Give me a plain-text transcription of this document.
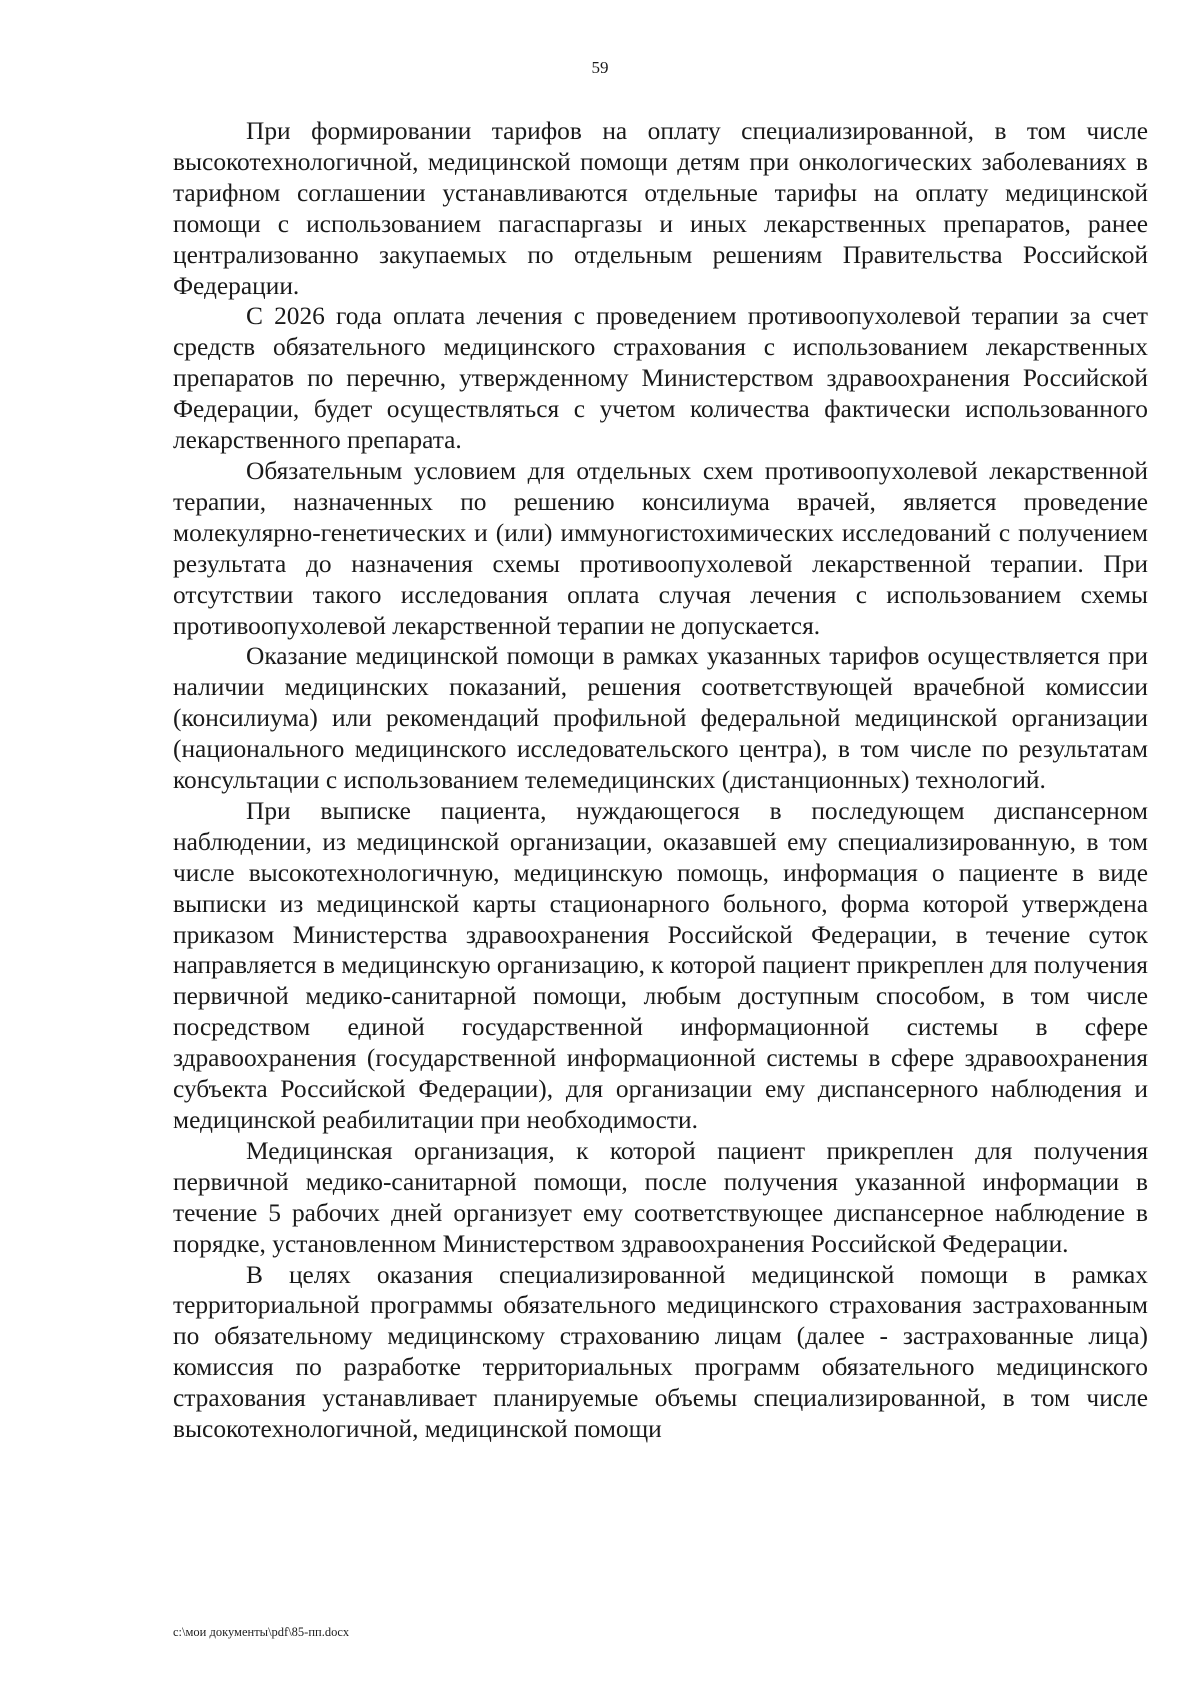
59

При формировании тарифов на оплату специализированной, в том числе высокотехнологичной, медицинской помощи детям при онкологических заболеваниях в тарифном соглашении устанавливаются отдельные тарифы на оплату медицинской помощи с использованием пагаспаргазы и иных лекарственных препаратов, ранее централизованно закупаемых по отдельным решениям Правительства Российской Федерации.

С 2026 года оплата лечения с проведением противоопухолевой терапии за счет средств обязательного медицинского страхования с использованием лекарственных препаратов по перечню, утвержденному Министерством здравоохранения Российской Федерации, будет осуществляться с учетом количества фактически использованного лекарственного препарата.

Обязательным условием для отдельных схем противоопухолевой лекарственной терапии, назначенных по решению консилиума врачей, является проведение молекулярно-генетических и (или) иммуногистохимических исследований с получением результата до назначения схемы противоопухолевой лекарственной терапии. При отсутствии такого исследования оплата случая лечения с использованием схемы противоопухолевой лекарственной терапии не допускается.

Оказание медицинской помощи в рамках указанных тарифов осуществляется при наличии медицинских показаний, решения соответствующей врачебной комиссии (консилиума) или рекомендаций профильной федеральной медицинской организации (национального медицинского исследовательского центра), в том числе по результатам консультации с использованием телемедицинских (дистанционных) технологий.

При выписке пациента, нуждающегося в последующем диспансерном наблюдении, из медицинской организации, оказавшей ему специализированную, в том числе высокотехнологичную, медицинскую помощь, информация о пациенте в виде выписки из медицинской карты стационарного больного, форма которой утверждена приказом Министерства здравоохранения Российской Федерации, в течение суток направляется в медицинскую организацию, к которой пациент прикреплен для получения первичной медико-санитарной помощи, любым доступным способом, в том числе посредством единой государственной информационной системы в сфере здравоохранения (государственной информационной системы в сфере здравоохранения субъекта Российской Федерации), для организации ему диспансерного наблюдения и медицинской реабилитации при необходимости.

Медицинская организация, к которой пациент прикреплен для получения первичной медико-санитарной помощи, после получения указанной информации в течение 5 рабочих дней организует ему соответствующее диспансерное наблюдение в порядке, установленном Министерством здравоохранения Российской Федерации.

В целях оказания специализированной медицинской помощи в рамках территориальной программы обязательного медицинского страхования застрахованным по обязательному медицинскому страхованию лицам (далее - застрахованные лица) комиссия по разработке территориальных программ обязательного медицинского страхования устанавливает планируемые объемы специализированной, в том числе высокотехнологичной, медицинской помощи

c:\мои документы\pdf\85-пп.docx
